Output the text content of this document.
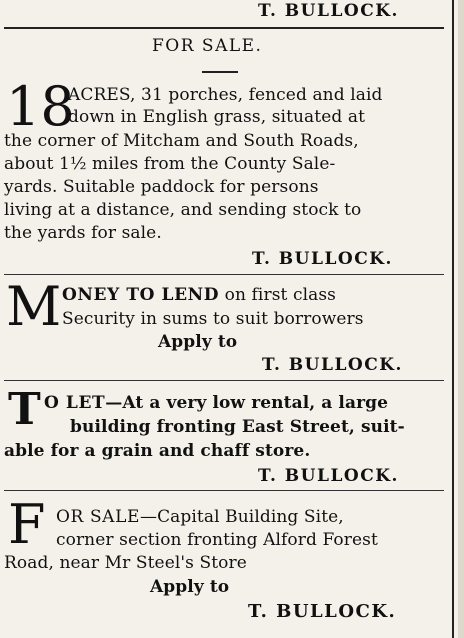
T. BULLOCK.
FOR SALE.
18
ACRES, 31 porches, fenced and laid
down in English grass, situated at
the corner of Mitcham and South Roads,
about 1½ miles from the County Sale-
yards. Suitable paddock for persons
living at a distance, and sending stock to
the yards for sale.
T. BULLOCK.
M ONEY TO LEND on first class
Security in sums to suit borrowers
Apply to
T. BULLOCK.
T O LET—At a very low rental, a large
building fronting East Street, suit-
able for a grain and chaff store.
T. BULLOCK.
F OR SALE—Capital Building Site,
corner section fronting Alford Forest
Road, near Mr Steel's Store
Apply to
T. BULLOCK.
